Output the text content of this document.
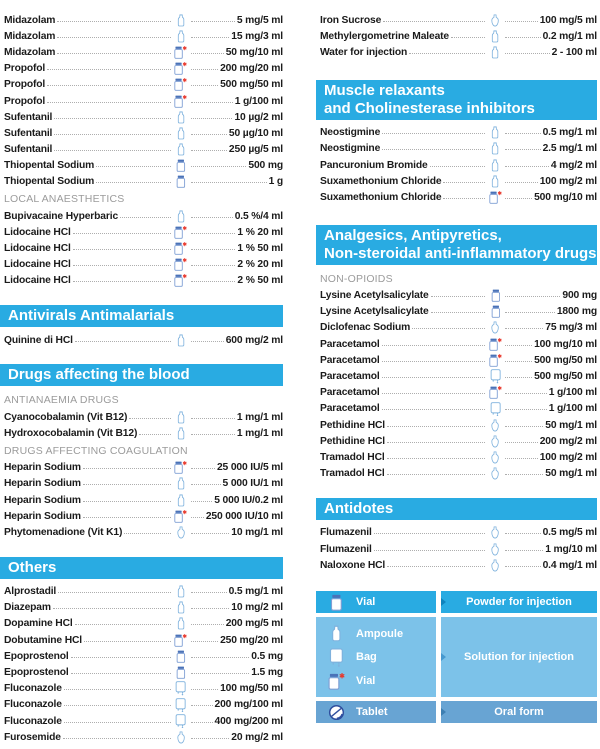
Midazolam	5 mg/5 ml
Midazolam	15 mg/3 ml
Midazolam	50 mg/10 ml
Propofol	200 mg/20 ml
Propofol	500 mg/50 ml
Propofol	1 g/100 ml
Sufentanil	10 µg/2 ml
Sufentanil	50 µg/10 ml
Sufentanil	250 µg/5 ml
Thiopental Sodium	500 mg
Thiopental Sodium	1 g
LOCAL ANAESTHETICS
Bupivacaine Hyperbaric	0.5 %/4 ml
Lidocaine HCl	1 % 20 ml
Lidocaine HCl	1 % 50 ml
Lidocaine HCl	2 % 20 ml
Lidocaine HCl	2 % 50 ml
Antivirals Antimalarials
Quinine di HCl	600 mg/2 ml
Drugs affecting the blood
ANTIANAEMIA DRUGS
Cyanocobalamin (Vit B12)	1 mg/1 ml
Hydroxocobalamin (Vit B12)	1 mg/1 ml
DRUGS AFFECTING COAGULATION
Heparin Sodium	25 000 IU/5 ml
Heparin Sodium	5 000 IU/1 ml
Heparin Sodium	5 000 IU/0.2 ml
Heparin Sodium	250 000 IU/10 ml
Phytomenadione (Vit K1)	10 mg/1 ml
Others
Alprostadil	0.5 mg/1 ml
Diazepam	10 mg/2 ml
Dopamine HCl	200 mg/5 ml
Dobutamine HCl	250 mg/20 ml
Epoprostenol	0.5 mg
Epoprostenol	1.5 mg
Fluconazole	100 mg/50 ml
Fluconazole	200 mg/100 ml
Fluconazole	400 mg/200 ml
Furosemide	20 mg/2 ml
Iron Sucrose	100 mg/5 ml
Methylergometrine Maleate	0.2 mg/1 ml
Water for injection	2 - 100 ml
Muscle relaxants
and Cholinesterase inhibitors
Neostigmine	0.5 mg/1 ml
Neostigmine	2.5 mg/1 ml
Pancuronium Bromide	4 mg/2 ml
Suxamethonium Chloride	100 mg/2 ml
Suxamethonium Chloride	500 mg/10 ml
Analgesics, Antipyretics,
Non-steroidal anti-inflammatory drugs
NON-OPIOIDS
Lysine Acetylsalicylate	900 mg
Lysine Acetylsalicylate	1800 mg
Diclofenac Sodium	75 mg/3 ml
Paracetamol	100 mg/10 ml
Paracetamol	500 mg/50 ml
Paracetamol	500 mg/50 ml
Paracetamol	1 g/100 ml
Paracetamol	1 g/100 ml
Pethidine HCl	50 mg/1 ml
Pethidine HCl	200 mg/2 ml
Tramadol HCl	100 mg/2 ml
Tramadol HCl	50 mg/1 ml
Antidotes
Flumazenil	0.5 mg/5 ml
Flumazenil	1 mg/10 ml
Naloxone HCl	0.4 mg/1 ml
Vial	Powder for injection
Ampoule
Bag
Vial
Solution for injection
Tablet	Oral form
